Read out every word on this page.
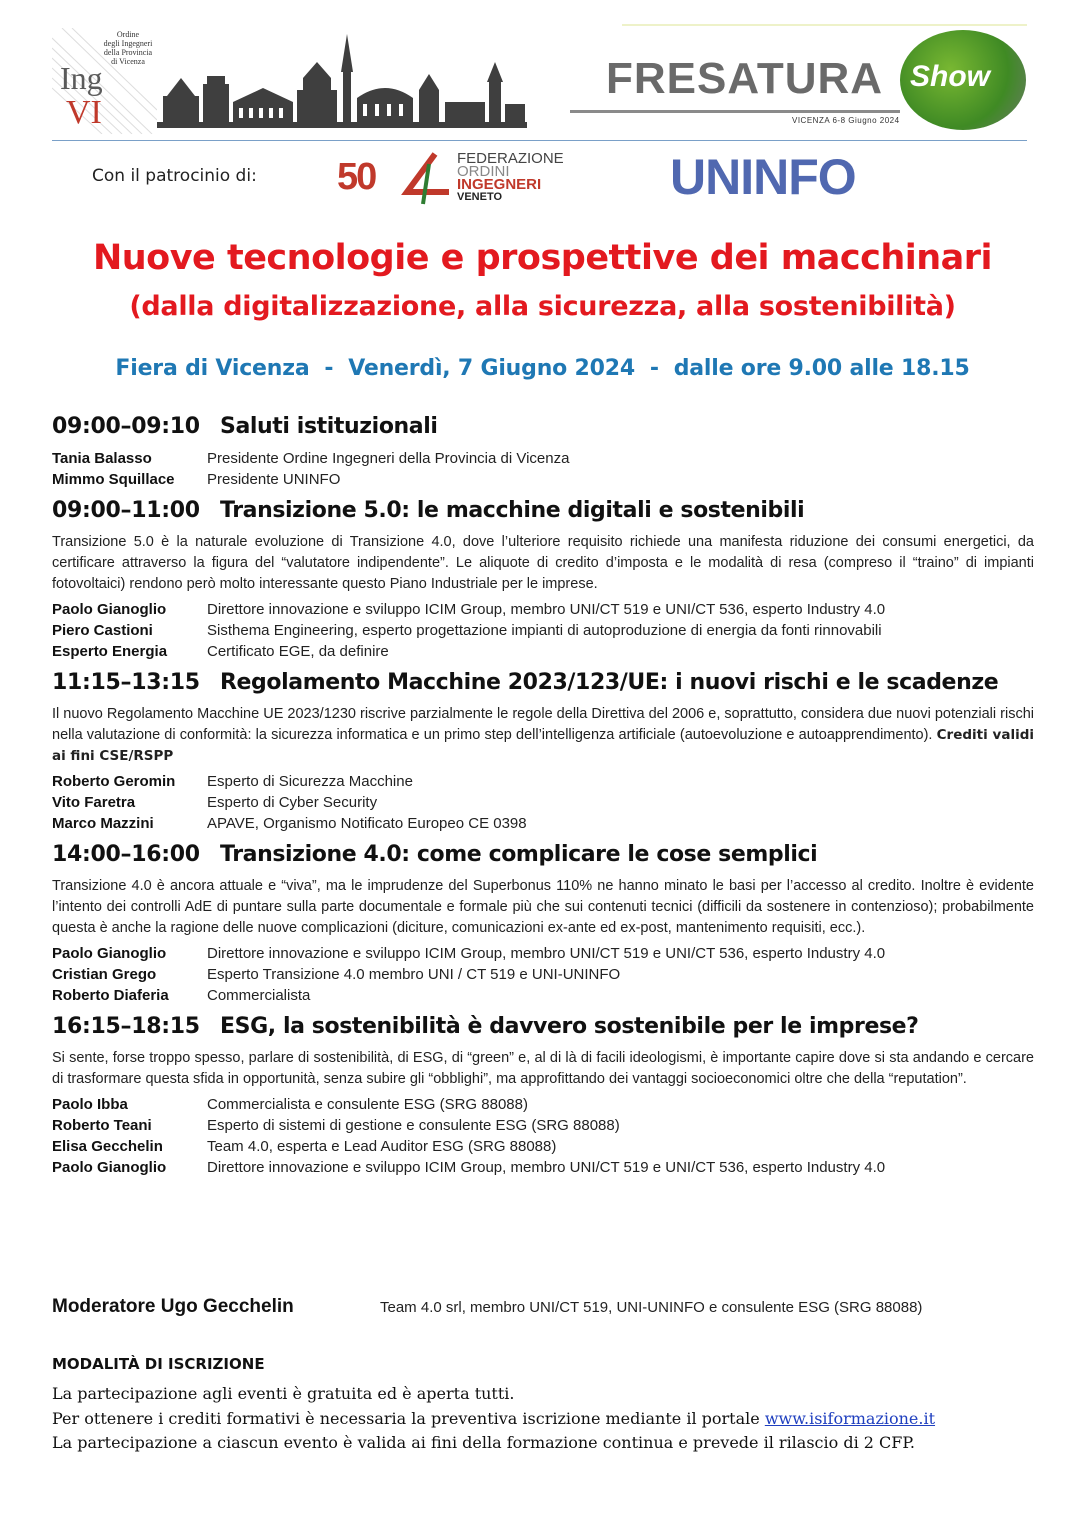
Ordine
degli Ingegneri
della Provincia
di Vicenza
Ing
VI
FRESATURA Show
VICENZA 6-8 Giugno 2024
Con il patrocinio di: 50	FEDERAZIONE
ORDINI
INGEGNERI
VENETO	UNINFO
Nuove tecnologie e prospettive dei macchinari
(dalla digitalizzazione, alla sicurezza, alla sostenibilità)
Fiera di Vicenza  -  Venerdì, 7 Giugno 2024  -  dalle ore 9.00 alle 18.15
09:00–09:10 Saluti istituzionali
Tania Balasso	Presidente Ordine Ingegneri della Provincia di Vicenza
Mimmo Squillace	Presidente UNINFO
09:00–11:00 Transizione 5.0: le macchine digitali e sostenibili
Transizione 5.0 è la naturale evoluzione di Transizione 4.0, dove l’ulteriore requisito richiede una manifesta riduzione dei consumi energetici, da certificare attraverso la figura del “valutatore indipendente”. Le aliquote di credito d’imposta e le modalità di resa (compreso il “traino” di impianti fotovoltaici) rendono però molto interessante questo Piano Industriale per le imprese.
Paolo Gianoglio	Direttore innovazione e sviluppo ICIM Group, membro UNI/CT 519 e UNI/CT 536, esperto Industry 4.0
Piero Castioni	Sisthema Engineering, esperto progettazione impianti di autoproduzione di energia da fonti rinnovabili
Esperto Energia	Certificato EGE, da definire
11:15–13:15 Regolamento Macchine 2023/123/UE: i nuovi rischi e le scadenze
Il nuovo Regolamento Macchine UE 2023/1230 riscrive parzialmente le regole della Direttiva del 2006 e, soprattutto, considera due nuovi potenziali rischi nella valutazione di conformità: la sicurezza informatica e un primo step dell’intelligenza artificiale (autoevoluzione e autoapprendimento). Crediti validi ai fini CSE/RSPP
Roberto Geromin	Esperto di Sicurezza Macchine
Vito Faretra	Esperto di Cyber Security
Marco Mazzini	APAVE, Organismo Notificato Europeo CE 0398
14:00–16:00 Transizione 4.0: come complicare le cose semplici
Transizione 4.0 è ancora attuale e “viva”, ma le imprudenze del Superbonus 110% ne hanno minato le basi per l’accesso al credito. Inoltre è evidente l’intento dei controlli AdE di puntare sulla parte documentale e formale più che sui contenuti tecnici (difficili da sostenere in contenzioso); probabilmente questa è anche la ragione delle nuove complicazioni (diciture, comunicazioni ex-ante ed ex-post, mantenimento requisiti, ecc.).
Paolo Gianoglio	Direttore innovazione e sviluppo ICIM Group, membro UNI/CT 519 e UNI/CT 536, esperto Industry 4.0
Cristian Grego	Esperto Transizione 4.0 membro UNI / CT 519 e UNI-UNINFO
Roberto Diaferia	Commercialista
16:15–18:15 ESG, la sostenibilità è davvero sostenibile per le imprese?
Si sente, forse troppo spesso, parlare di sostenibilità, di ESG, di “green” e, al di là di facili ideologismi, è importante capire dove si sta andando e cercare di trasformare questa sfida in opportunità, senza subire gli “obblighi”, ma approfittando dei vantaggi socioeconomici oltre che della “reputation”.
Paolo Ibba	Commercialista e consulente ESG (SRG 88088)
Roberto Teani	Esperto di sistemi di gestione e consulente ESG (SRG 88088)
Elisa Gecchelin	Team 4.0, esperta e Lead Auditor ESG (SRG 88088)
Paolo Gianoglio	Direttore innovazione e sviluppo ICIM Group, membro UNI/CT 519 e UNI/CT 536, esperto Industry 4.0
Moderatore Ugo Gecchelin	Team 4.0 srl, membro UNI/CT 519, UNI-UNINFO e consulente ESG (SRG 88088)
MODALITÀ DI ISCRIZIONE
La partecipazione agli eventi è gratuita ed è aperta tutti.
Per ottenere i crediti formativi è necessaria la preventiva iscrizione mediante il portale www.isiformazione.it
La partecipazione a ciascun evento è valida ai fini della formazione continua e prevede il rilascio di 2 CFP.
